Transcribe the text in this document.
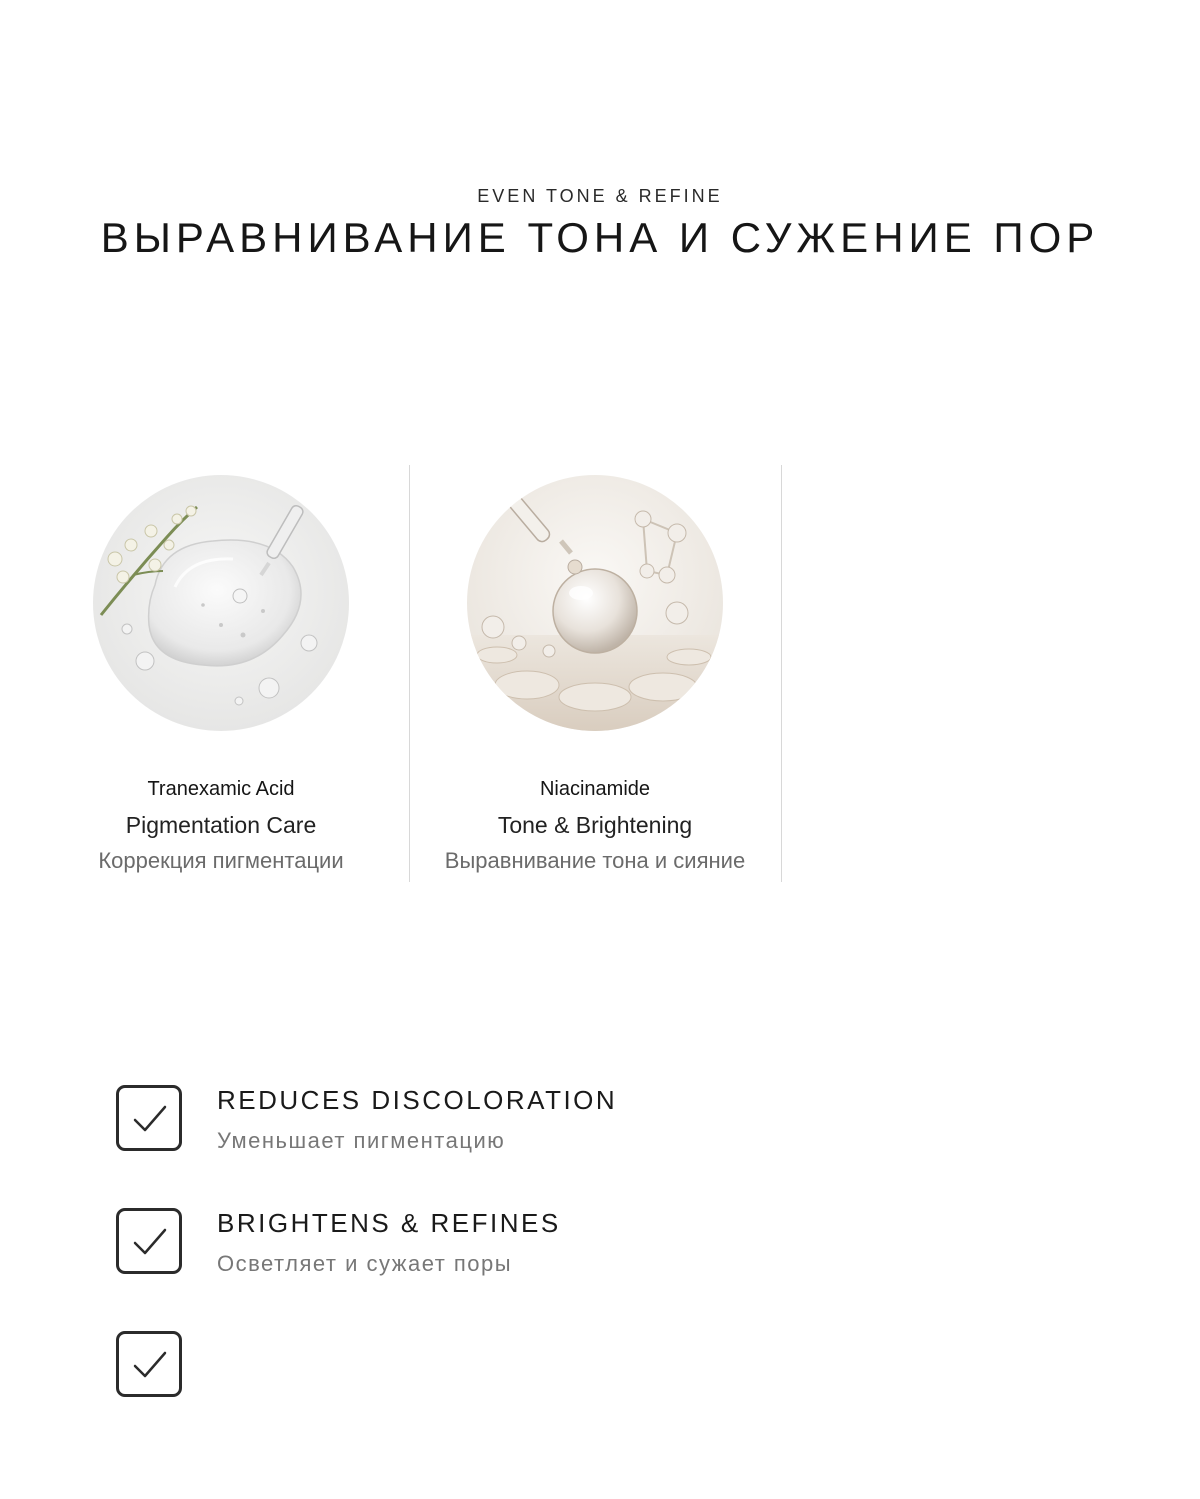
EVEN TONE & REFINE
ВЫРАВНИВАНИЕ ТОНА И СУЖЕНИЕ ПОР
Tranexamic Acid
Pigmentation Care
Коррекция пигментации
Niacinamide
Tone & Brightening
Выравнивание тона и сияние
REDUCES DISCOLORATION
Уменьшает пигментацию
BRIGHTENS & REFINES
Осветляет и сужает поры
